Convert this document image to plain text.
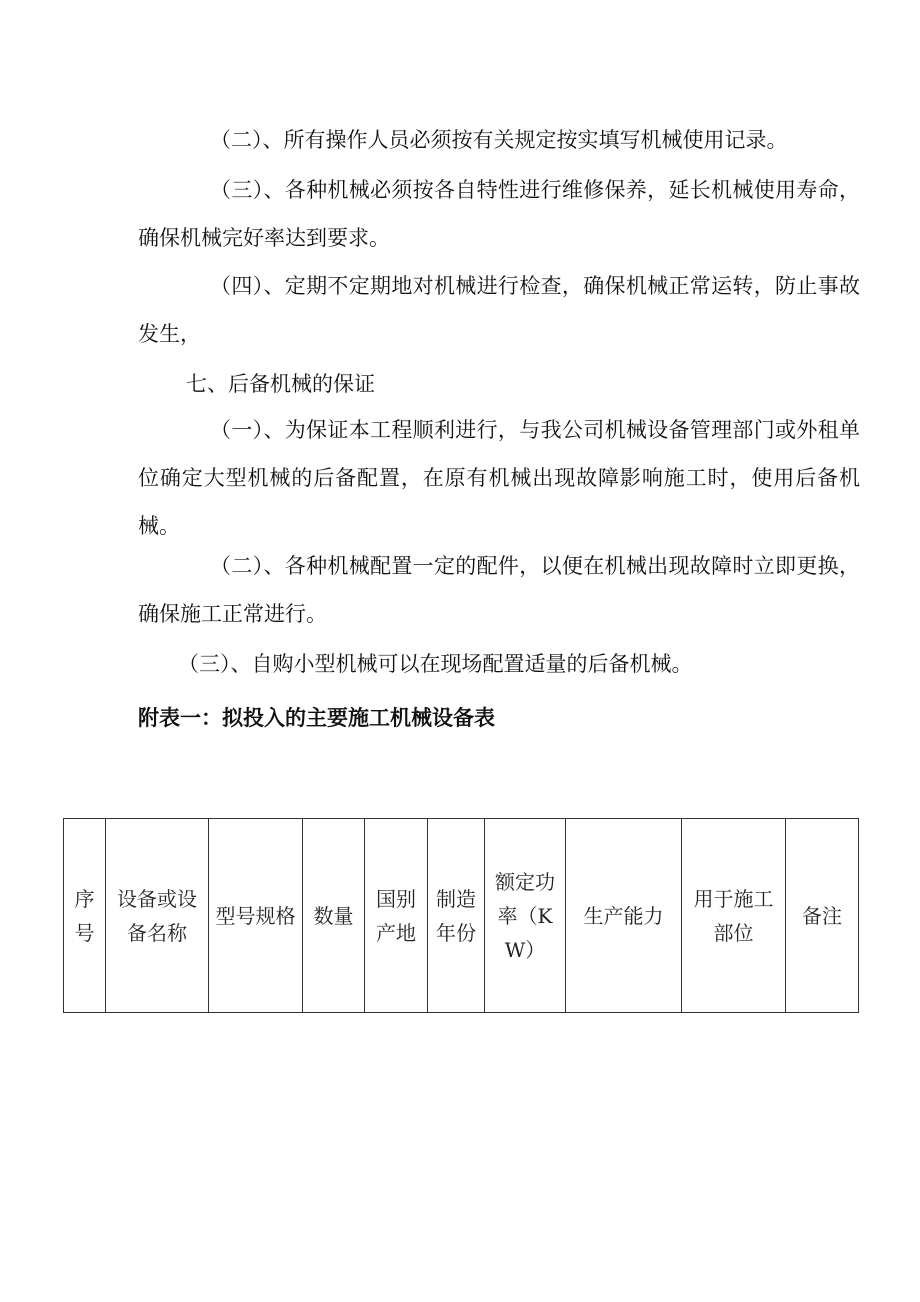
（二）、所有操作人员必须按有关规定按实填写机械使用记录。

（三）、各种机械必须按各自特性进行维修保养，延长机械使用寿命，确保机械完好率达到要求。

（四）、定期不定期地对机械进行检查，确保机械正常运转，防止事故发生，

七、后备机械的保证

（一）、为保证本工程顺利进行，与我公司机械设备管理部门或外租单位确定大型机械的后备配置，在原有机械出现故障影响施工时，使用后备机械。

（二）、各种机械配置一定的配件，以便在机械出现故障时立即更换，确保施工正常进行。

（三）、自购小型机械可以在现场配置适量的后备机械。

附表一：拟投入的主要施工机械设备表

序号	设备或设备名称	型号规格	数量	国别产地	制造年份	额定功率（KW）	生产能力	用于施工部位	备注
